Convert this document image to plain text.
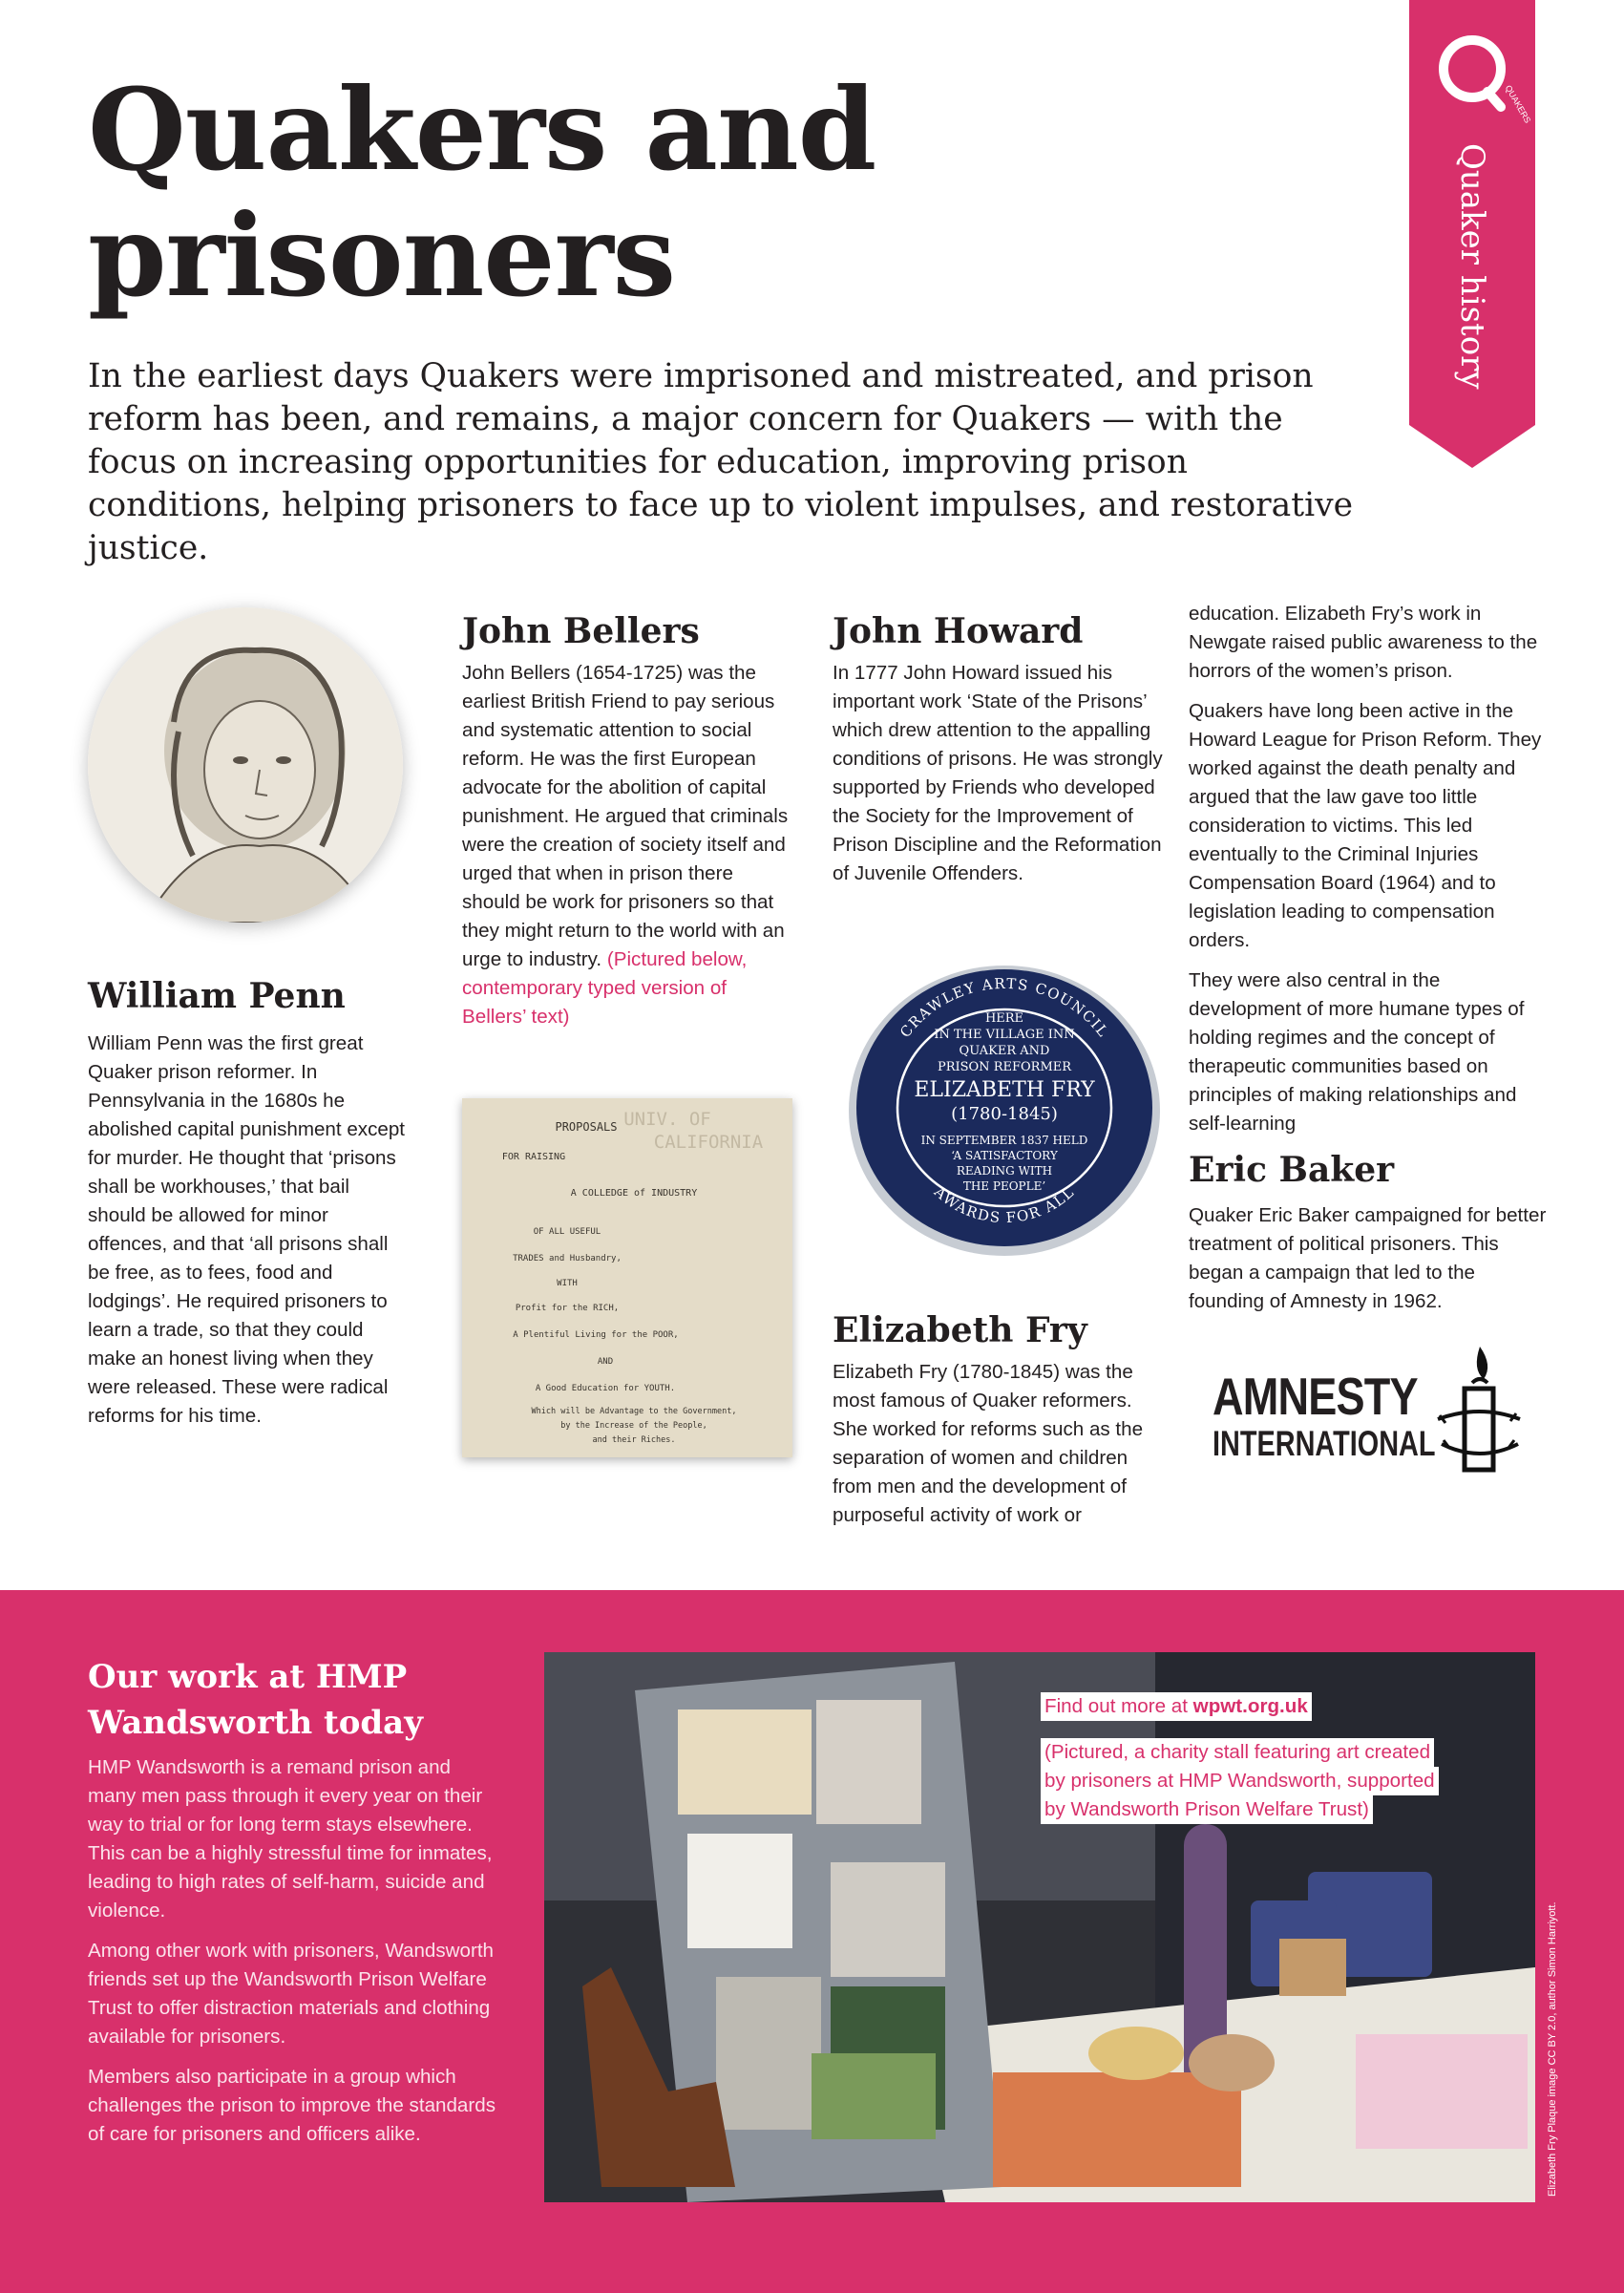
Quakers and prisoners
In the earliest days Quakers were imprisoned and mistreated, and prison reform has been, and remains, a major concern for Quakers — with the focus on increasing opportunities for education, improving prison conditions, helping prisoners to face up to violent impulses, and restorative justice.
QUAKERS
Quaker history
William Penn
William Penn was the first great Quaker prison reformer. In Pennsylvania in the 1680s he abolished capital punishment except for murder. He thought that ‘prisons shall be workhouses,’ that bail should be allowed for minor offences, and that ‘all prisons shall be free, as to fees, food and lodgings’. He required prisoners to learn a trade, so that they could make an honest living when they were released. These were radical reforms for his time.
John Bellers
John Bellers (1654-1725) was the earliest British Friend to pay serious and systematic attention to social reform. He was the first European advocate for the abolition of capital punishment. He argued that criminals were the creation of society itself and urged that when in prison there should be work for prisoners so that they might return to the world with an urge to industry. (Pictured below, contemporary typed version of Bellers’ text)
UNIV. OF
CALIFORNIA
PROPOSALS
FOR RAISING
A COLLEDGE of INDUSTRY
OF ALL USEFUL
TRADES and Husbandry,
WITH
Profit for the RICH,
A Plentiful Living for the POOR,
AND
A Good Education for YOUTH.
Which will be Advantage to the Government,
by the Increase of the People,
and their Riches.
John Howard
In 1777 John Howard issued his important work ‘State of the Prisons’ which drew attention to the appalling conditions of prisons. He was strongly supported by Friends who developed the Society for the Improvement of Prison Discipline and the Reformation of Juvenile Offenders.
CRAWLEY ARTS COUNCIL
AWARDS FOR ALL
HERE
IN THE VILLAGE INN
QUAKER AND
PRISON REFORMER
ELIZABETH FRY
(1780-1845)
IN SEPTEMBER 1837 HELD
‘A SATISFACTORY
READING WITH
THE PEOPLE’
Elizabeth Fry
Elizabeth Fry (1780-1845) was the most famous of Quaker reformers. She worked for reforms such as the separation of women and children from men and the development of purposeful activity of work or

education. Elizabeth Fry’s work in Newgate raised public awareness to the horrors of the women’s prison.

Quakers have long been active in the Howard League for Prison Reform. They worked against the death penalty and argued that the law gave too little consideration to victims. This led eventually to the Criminal Injuries Compensation Board (1964) and to legislation leading to compensation orders.

They were also central in the development of more humane types of holding regimes and the concept of therapeutic communities based on principles of making relationships and self-learning

Eric Baker
Quaker Eric Baker campaigned for better treatment of political prisoners. This began a campaign that led to the founding of Amnesty in 1962.
AMNESTY
INTERNATIONAL
Our work at HMP Wandsworth today

HMP Wandsworth is a remand prison and many men pass through it every year on their way to trial or for long term stays elsewhere. This can be a highly stressful time for inmates, leading to high rates of self-harm, suicide and violence.

Among other work with prisoners, Wandsworth friends set up the Wandsworth Prison Welfare Trust to offer distraction materials and clothing available for prisoners.

Members also participate in a group which challenges the prison to improve the standards of care for prisoners and officers alike.

Find out more at wpwt.org.uk
(Pictured, a charity stall featuring art created
by prisoners at HMP Wandsworth, supported
by Wandsworth Prison Welfare Trust)
Elizabeth Fry Plaque image CC BY 2.0, author Simon Harriyott.
